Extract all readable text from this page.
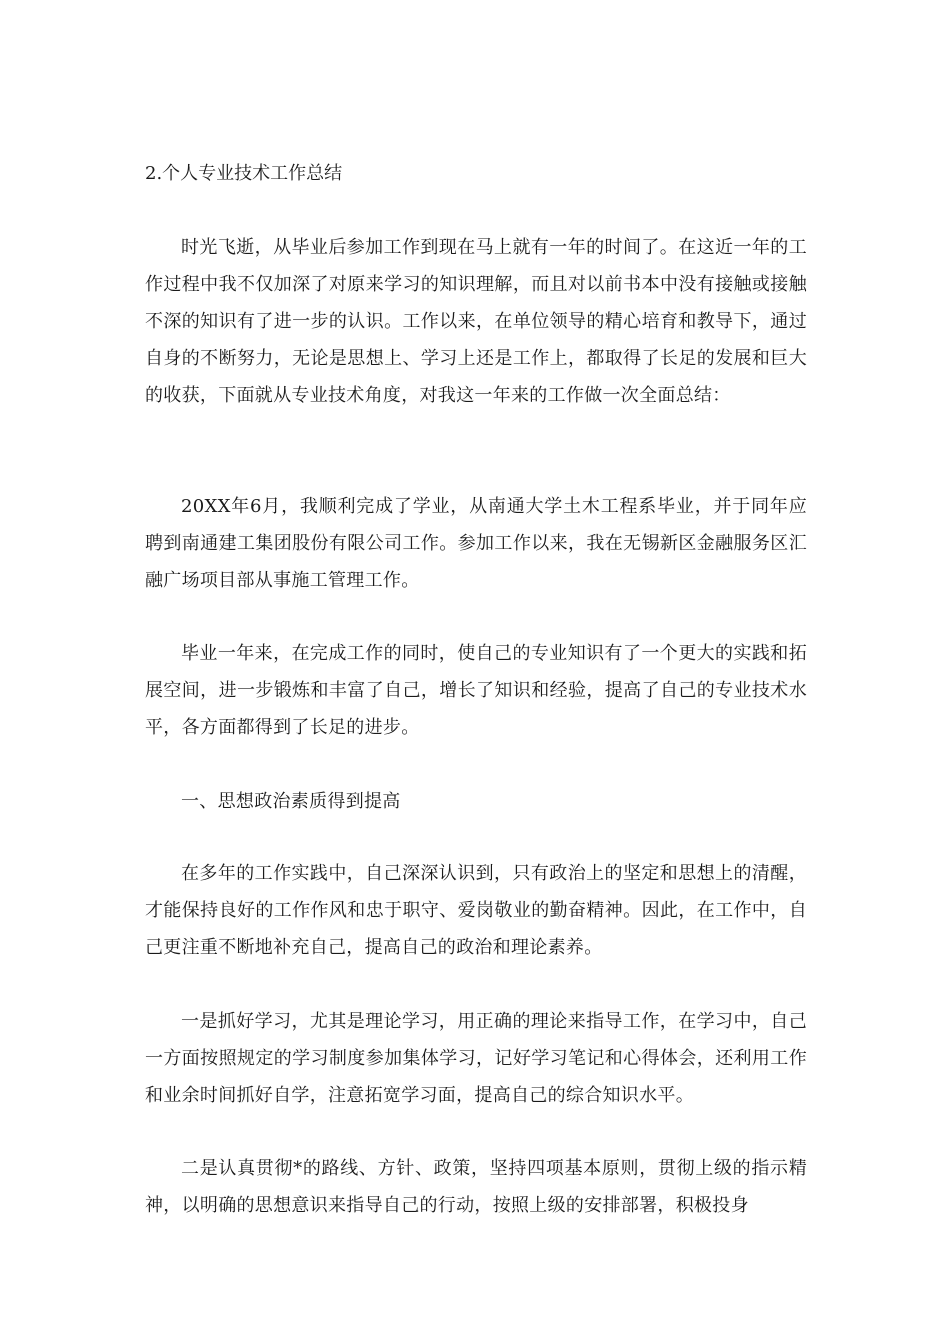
2.个人专业技术工作总结

时光飞逝，从毕业后参加工作到现在马上就有一年的时间了。在这近一年的工作过程中我不仅加深了对原来学习的知识理解，而且对以前书本中没有接触或接触不深的知识有了进一步的认识。工作以来，在单位领导的精心培育和教导下，通过自身的不断努力，无论是思想上、学习上还是工作上，都取得了长足的发展和巨大的收获，下面就从专业技术角度，对我这一年来的工作做一次全面总结：

20XX年6月，我顺利完成了学业，从南通大学土木工程系毕业，并于同年应聘到南通建工集团股份有限公司工作。参加工作以来，我在无锡新区金融服务区汇融广场项目部从事施工管理工作。

毕业一年来，在完成工作的同时，使自己的专业知识有了一个更大的实践和拓展空间，进一步锻炼和丰富了自己，增长了知识和经验，提高了自己的专业技术水平，各方面都得到了长足的进步。

一、思想政治素质得到提高

在多年的工作实践中，自己深深认识到，只有政治上的坚定和思想上的清醒，才能保持良好的工作作风和忠于职守、爱岗敬业的勤奋精神。因此，在工作中，自己更注重不断地补充自己，提高自己的政治和理论素养。

一是抓好学习，尤其是理论学习，用正确的理论来指导工作，在学习中，自己一方面按照规定的学习制度参加集体学习，记好学习笔记和心得体会，还利用工作和业余时间抓好自学，注意拓宽学习面，提高自己的综合知识水平。

二是认真贯彻*的路线、方针、政策，坚持四项基本原则，贯彻上级的指示精神，以明确的思想意识来指导自己的行动，按照上级的安排部署，积极投身
